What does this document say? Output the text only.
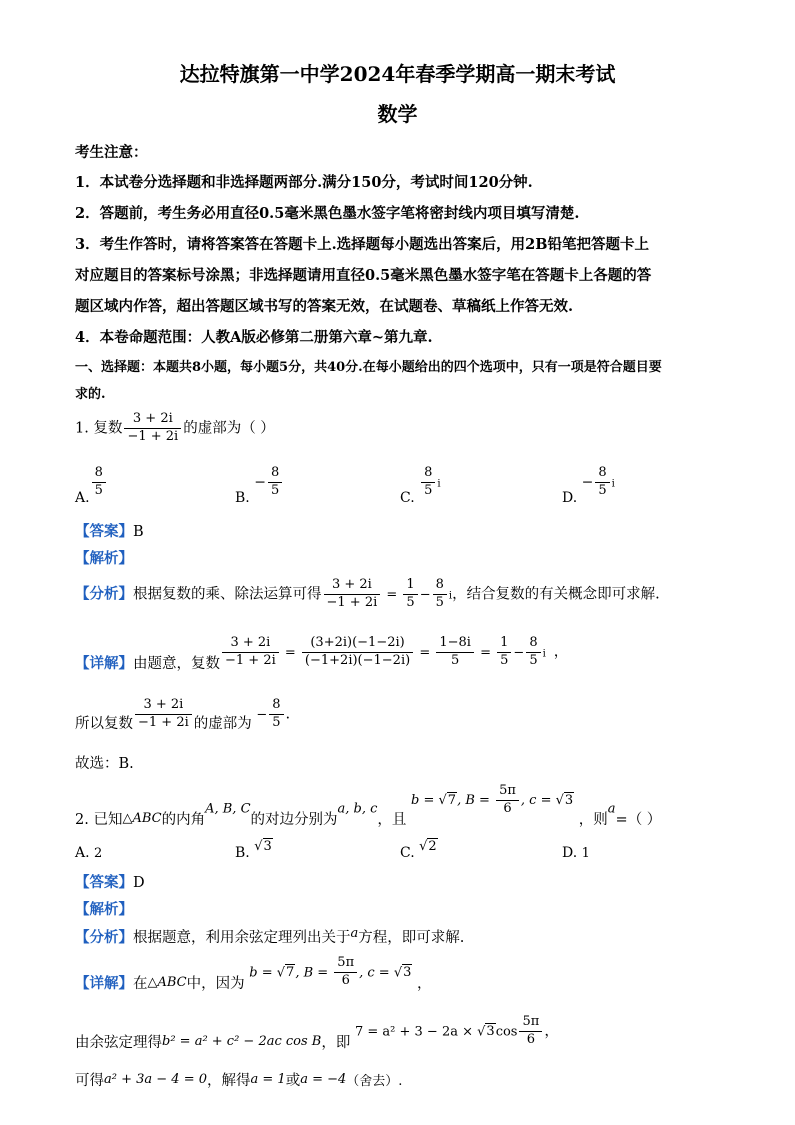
达拉特旗第一中学2024年春季学期高一期末考试
数学
考生注意：
1．本试卷分选择题和非选择题两部分.满分150分，考试时间120分钟.
2．答题前，考生务必用直径0.5毫米黑色墨水签字笔将密封线内项目填写清楚.
3．考生作答时，请将答案答在答题卡上.选择题每小题选出答案后，用2B铅笔把答题卡上
对应题目的答案标号涂黑；非选择题请用直径0.5毫米黑色墨水签字笔在答题卡上各题的答
题区域内作答，超出答题区域书写的答案无效，在试题卷、草稿纸上作答无效.
4．本卷命题范围：人教A版必修第二册第六章~第九章.
一、选择题：本题共8小题，每小题5分，共40分.在每小题给出的四个选项中，只有一项是符合题目要
求的.
1. 复数 $\frac{3 + 2i}{-1 + 2i}$ 的虚部为（ ）
A. $\frac{8}{5}$	B. − $\frac{8}{5}$	C. $\frac{8}{5}$ i
D. − $\frac{8}{5}$ i
【答案】B
【解析】
【分析】根据复数的乘、除法运算可得 $\frac{3 + 2i}{-1 + 2i} = \frac{1}{5} - \frac{8}{5}$ i，结合复数的有关概念即可求解.
【详解】由题意，复数 $\frac{3 + 2i}{-1 + 2i} = \frac{(3+2i)(-1-2i)}{(-1+2i)(-1-2i)} = \frac{1-8i}{5} = \frac{1}{5} - \frac{8}{5}$ i ，
所以复数 $\frac{3 + 2i}{-1 + 2i}$ 的虚部为 − $\frac{8}{5}$ .
故选：B.
2. 已知△ABC的内角A, B, C的对边分别为a, b, c，且 b = √7, $B = \frac{5\pi}{6}$ , c = √3 ，则a=（ ）
A. 2	B. √3	C. √2	D. 1
【答案】D
【解析】
【分析】根据题意，利用余弦定理列出关于a方程，即可求解.
【详解】在△ABC中，因为 b = √7, $B = \frac{5\pi}{6}$ , c = √3 ，
由余弦定理得b² = a² + c² − 2ac cos B，即 $7 = a^2 + 3 - 2a \times √3\cos \frac{5\pi}{6}$ ，
可得a² + 3a − 4 = 0，解得a = 1或a = −4（舍去）.
